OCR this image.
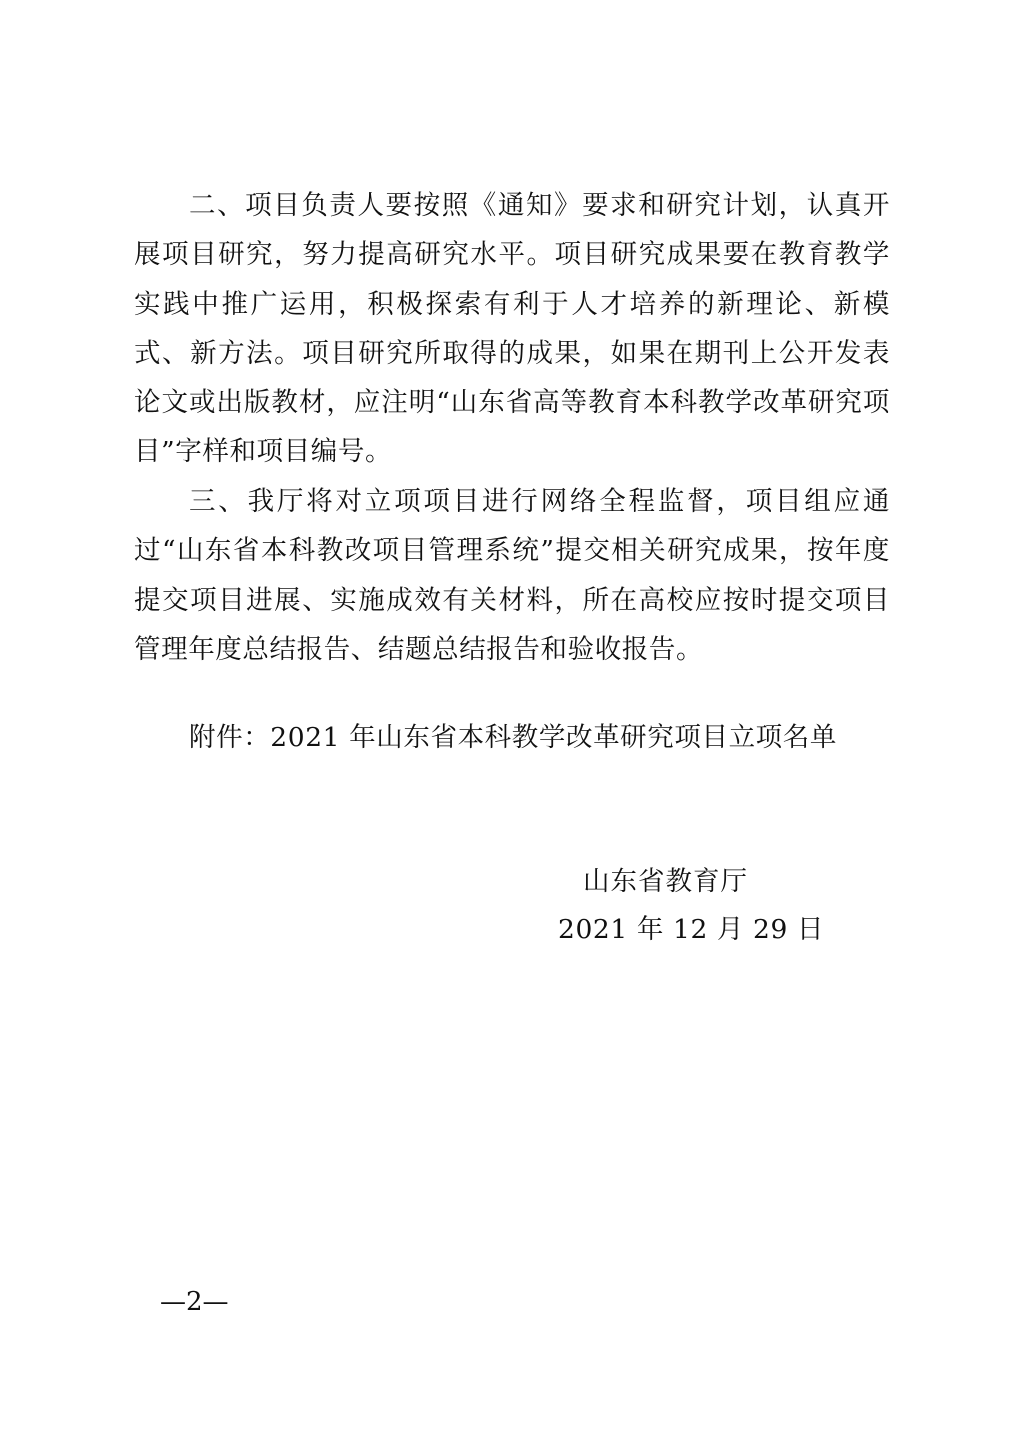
二、项目负责人要按照《通知》要求和研究计划，认真开展项目研究，努力提高研究水平。项目研究成果要在教育教学实践中推广运用，积极探索有利于人才培养的新理论、新模式、新方法。项目研究所取得的成果，如果在期刊上公开发表论文或出版教材，应注明“山东省高等教育本科教学改革研究项目”字样和项目编号。

三、我厅将对立项项目进行网络全程监督，项目组应通过“山东省本科教改项目管理系统”提交相关研究成果，按年度提交项目进展、实施成效有关材料，所在高校应按时提交项目管理年度总结报告、结题总结报告和验收报告。

附件：2021 年山东省本科教学改革研究项目立项名单
山东省教育厅
2021 年 12 月 29 日
—2—
